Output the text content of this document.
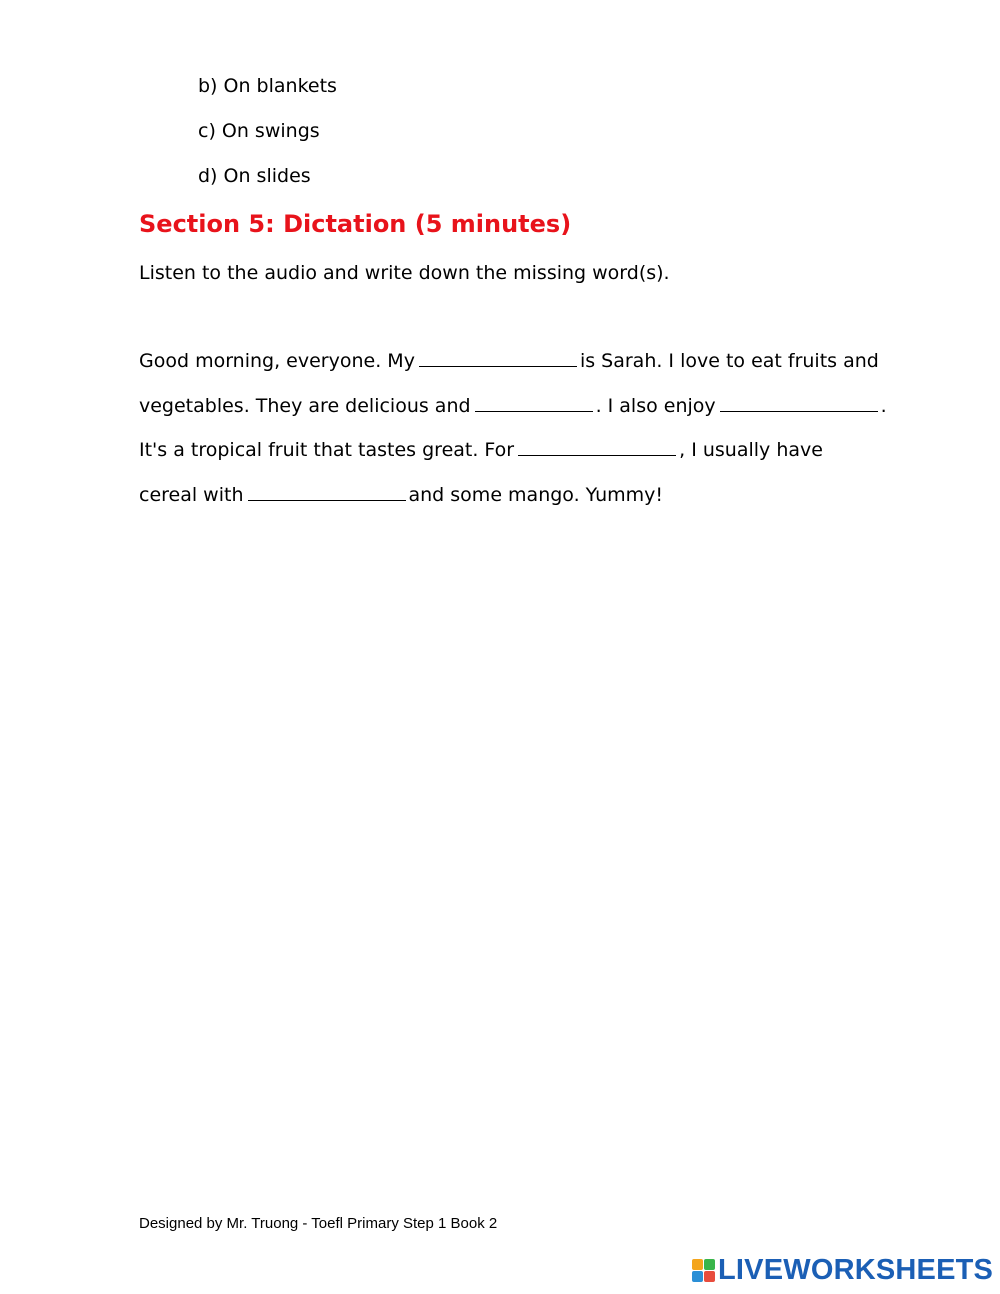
b) On blankets
c) On swings
d) On slides
Section 5: Dictation (5 minutes)
Listen to the audio and write down the missing word(s).
Good morning, everyone. My	is Sarah. I love to eat fruits and
vegetables. They are delicious and	. I also enjoy	.
It's a tropical fruit that tastes great. For	, I usually have
cereal with	and some mango. Yummy!
Designed by Mr. Truong - Toefl Primary Step 1 Book 2
LIVEWORKSHEETS
